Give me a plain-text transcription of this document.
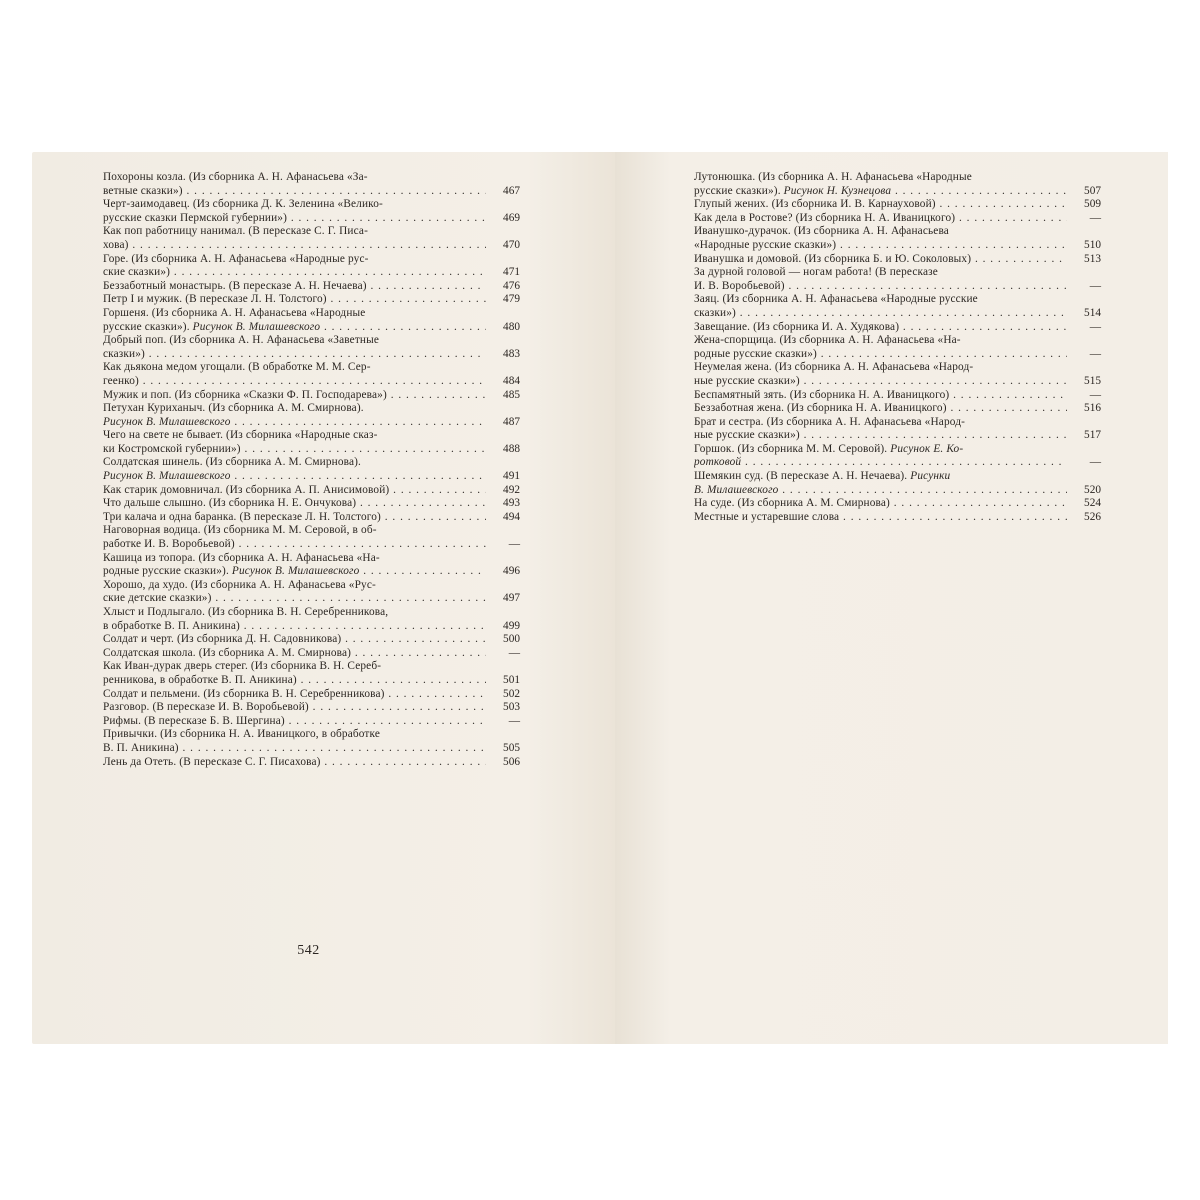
Похороны козла. (Из сборника А. Н. Афанасьева «За-
ветные сказки») . . .	467
Черт-заимодавец. (Из сборника Д. К. Зеленина «Велико-
русские сказки Пермской губернии») . . .	469
Как поп работницу нанимал. (В пересказе С. Г. Писа-
хова) . . .	470
Горе. (Из сборника А. Н. Афанасьева «Народные рус-
ские сказки») . . .	471
Беззаботный монастырь. (В пересказе А. Н. Нечаева) . . .	476
Петр I и мужик. (В пересказе Л. Н. Толстого) . . .	479
Горшеня. (Из сборника А. Н. Афанасьева «Народные
русские сказки»). Рисунок В. Милашевского . . .	480
Добрый поп. (Из сборника А. Н. Афанасьева «Заветные
сказки») . . .	483
Как дьякона медом угощали. (В обработке М. М. Сер-
геенко) . . .	484
Мужик и поп. (Из сборника «Сказки Ф. П. Господарева») . . .	485
Петухан Куриханыч. (Из сборника А. М. Смирнова).
Рисунок В. Милашевского . . .	487
Чего на свете не бывает. (Из сборника «Народные сказ-
ки Костромской губернии») . . .	488
Солдатская шинель. (Из сборника А. М. Смирнова).
Рисунок В. Милашевского . . .	491
Как старик домовничал. (Из сборника А. П. Анисимовой) . . .	492
Что дальше слышно. (Из сборника Н. Е. Ончукова) . . .	493
Три калача и одна баранка. (В пересказе Л. Н. Толстого) . . .	494
Наговорная водица. (Из сборника М. М. Серовой, в об-
работке И. В. Воробьевой) . . .	—
Кашица из топора. (Из сборника А. Н. Афанасьева «На-
родные русские сказки»). Рисунок В. Милашевского . . .	496
Хорошо, да худо. (Из сборника А. Н. Афанасьева «Рус-
ские детские сказки») . . .	497
Хлыст и Подлыгало. (Из сборника В. Н. Серебренникова,
в обработке В. П. Аникина) . . .	499
Солдат и черт. (Из сборника Д. Н. Садовникова) . . .	500
Солдатская школа. (Из сборника А. М. Смирнова) . . .	—
Как Иван-дурак дверь стерег. (Из сборника В. Н. Сереб-
ренникова, в обработке В. П. Аникина) . . .	501
Солдат и пельмени. (Из сборника В. Н. Серебренникова) . . .	502
Разговор. (В пересказе И. В. Воробьевой) . . .	503
Рифмы. (В пересказе Б. В. Шергина) . . .	—
Привычки. (Из сборника Н. А. Иваницкого, в обработке
В. П. Аникина) . . .	505
Лень да Отеть. (В пересказе С. Г. Писахова) . . .	506
542
Лутонюшка. (Из сборника А. Н. Афанасьева «Народные
русские сказки»). Рисунок Н. Кузнецова . . .	507
Глупый жених. (Из сборника И. В. Карнауховой) . . .	509
Как дела в Ростове? (Из сборника Н. А. Иваницкого) . . .	—
Иванушко-дурачок. (Из сборника А. Н. Афанасьева
«Народные русские сказки») . . .	510
Иванушка и домовой. (Из сборника Б. и Ю. Соколовых) . . .	513
За дурной головой — ногам работа! (В пересказе
И. В. Воробьевой) . . .	—
Заяц. (Из сборника А. Н. Афанасьева «Народные русские
сказки») . . .	514
Завещание. (Из сборника И. А. Худякова) . . .	—
Жена-спорщица. (Из сборника А. Н. Афанасьева «На-
родные русские сказки») . . .	—
Неумелая жена. (Из сборника А. Н. Афанасьева «Народ-
ные русские сказки») . . .	515
Беспамятный зять. (Из сборника Н. А. Иваницкого) . . .	—
Беззаботная жена. (Из сборника Н. А. Иваницкого) . . .	516
Брат и сестра. (Из сборника А. Н. Афанасьева «Народ-
ные русские сказки») . . .	517
Горшок. (Из сборника М. М. Серовой). Рисунок Е. Ко-
ротковой . . .	—
Шемякин суд. (В пересказе А. Н. Нечаева). Рисунки
В. Милашевского . . .	520
На суде. (Из сборника А. М. Смирнова) . . .	524
Местные и устаревшие слова . . .	526
